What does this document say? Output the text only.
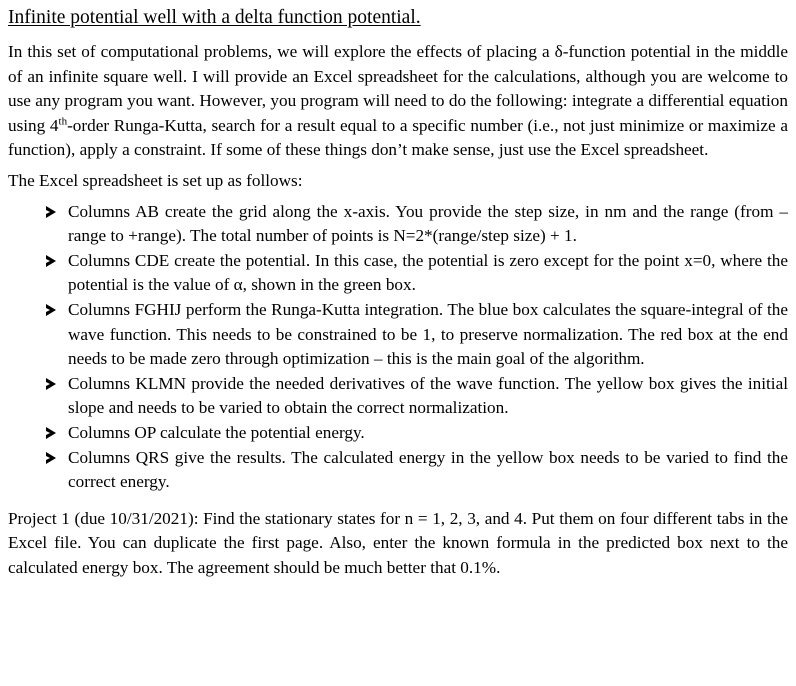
Infinite potential well with a delta function potential.

In this set of computational problems, we will explore the effects of placing a δ-function potential in the middle of an infinite square well. I will provide an Excel spreadsheet for the calculations, although you are welcome to use any program you want. However, you program will need to do the following: integrate a differential equation using 4th-order Runga-Kutta, search for a result equal to a specific number (i.e., not just minimize or maximize a function), apply a constraint. If some of these things don’t make sense, just use the Excel spreadsheet.

The Excel spreadsheet is set up as follows:

Columns AB create the grid along the x-axis. You provide the step size, in nm and the range (from –range to +range). The total number of points is N=2*(range/step size) + 1.
Columns CDE create the potential. In this case, the potential is zero except for the point x=0, where the potential is the value of α, shown in the green box.
Columns FGHIJ perform the Runga-Kutta integration. The blue box calculates the square-integral of the wave function. This needs to be constrained to be 1, to preserve normalization. The red box at the end needs to be made zero through optimization – this is the main goal of the algorithm.
Columns KLMN provide the needed derivatives of the wave function. The yellow box gives the initial slope and needs to be varied to obtain the correct normalization.
Columns OP calculate the potential energy.
Columns QRS give the results. The calculated energy in the yellow box needs to be varied to find the correct energy.

Project 1 (due 10/31/2021): Find the stationary states for n = 1, 2, 3, and 4. Put them on four different tabs in the Excel file. You can duplicate the first page. Also, enter the known formula in the predicted box next to the calculated energy box. The agreement should be much better that 0.1%.
